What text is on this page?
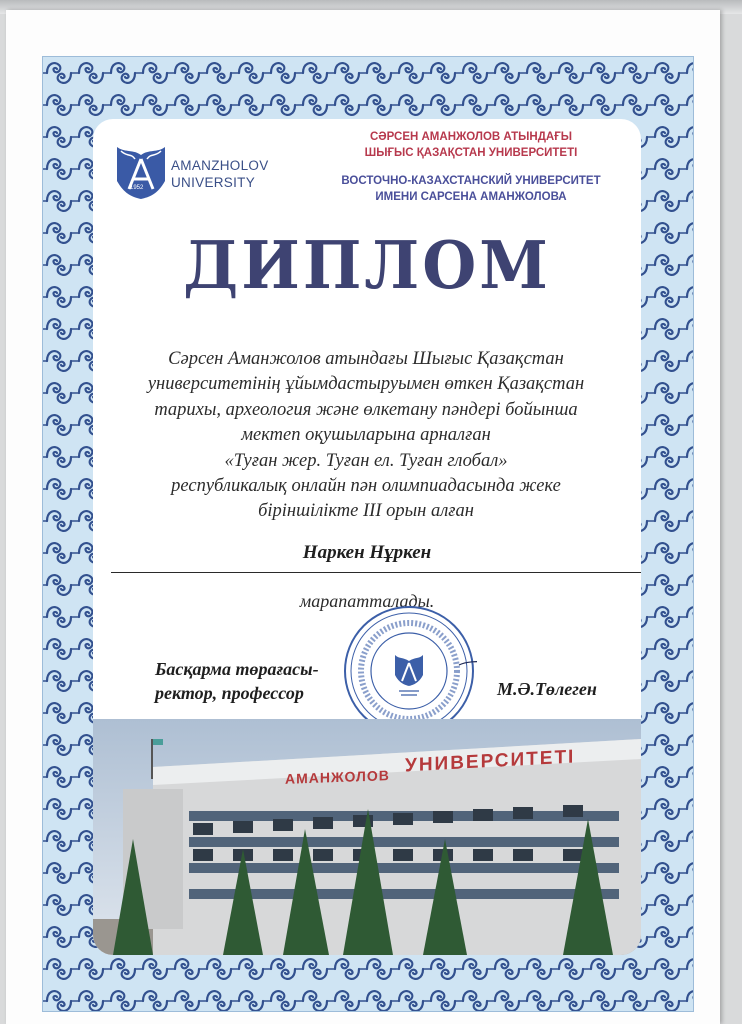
1952
AMANZHOLOV
UNIVERSITY
СӘРСЕН АМАНЖОЛОВ АТЫНДАҒЫ
ШЫҒЫС ҚАЗАҚСТАН УНИВЕРСИТЕТІ
ВОСТОЧНО-КАЗАХСТАНСКИЙ УНИВЕРСИТЕТ
ИМЕНИ САРСЕНА АМАНЖОЛОВА
ДИПЛОМ
Сәрсен Аманжолов атындағы Шығыс Қазақстан
университетінің ұйымдастыруымен өткен Қазақстан
тарихы, археология және өлкетану пәндері бойынша
мектеп оқушыларына арналған
«Туған жер. Туған ел. Туған глобал»
республикалық онлайн пән олимпиадасында жеке
біріншілікте III орын алған
Наркен Нұркен
марапатталады.
Басқарма төрағасы-
ректор, профессор	М.Ә.Төлеген
АМАНЖОЛОВ
УНИВЕРСИТЕТІ
